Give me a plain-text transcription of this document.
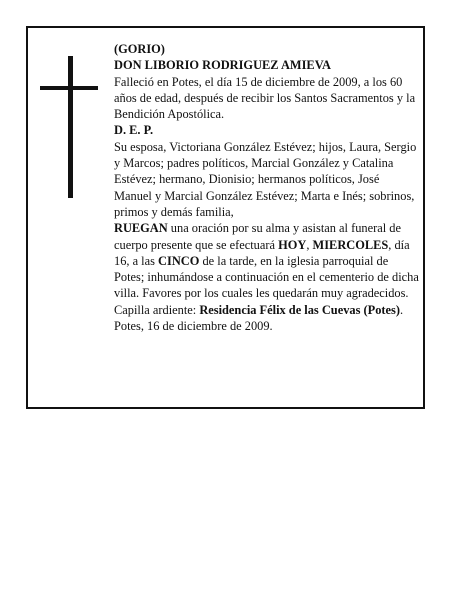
(GORIO)

DON LIBORIO RODRIGUEZ AMIEVA

Falleció en Potes, el día 15 de diciembre de 2009, a los 60 años de edad, después de recibir los Santos Sacramentos y la Bendición Apostólica.

D. E. P.

Su esposa, Victoriana González Estévez; hijos, Laura, Sergio y Marcos; padres políticos, Marcial González y Catalina Estévez; hermano, Dionisio; hermanos políticos, José Manuel y Marcial González Estévez; Marta e Inés; sobrinos, primos y demás familia,

RUEGAN una oración por su alma y asistan al funeral de cuerpo presente que se efectuará HOY, MIERCOLES, día 16, a las CINCO de la tarde, en la iglesia parroquial de Potes; inhumándose a continuación en el cementerio de dicha villa. Favores por los cuales les quedarán muy agradecidos. Capilla ardiente: Residencia Félix de las Cuevas (Potes).

Potes, 16 de diciembre de 2009.
